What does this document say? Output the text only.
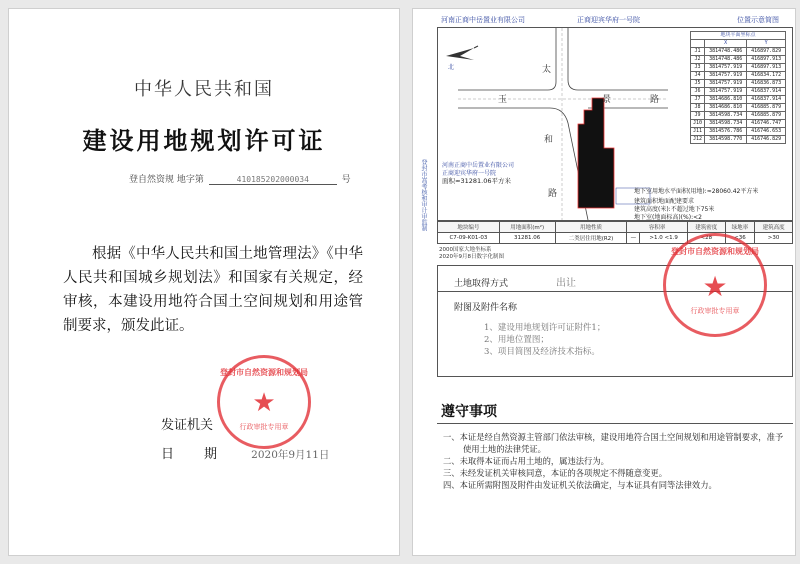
中华人民共和国
建设用地规划许可证
登自然资规 地字第	410185202000034	号
根据《中华人民共和国土地管理法》《中华人民共和国城乡规划法》和国家有关规定，经审核，本建设用地符合国土空间规划和用途管制要求，颁发此证。
登封市自然资源和规划局
★
行政审批专用章
发证机关
日期 2020年9月11日
登封市嵩考核和审计审监制
河南正商中岳置业有限公司	正商迎宾华府一号院	位置示意简图
北	太
玉	景	路
和
路
河南正商中岳置业有限公司
正商迎宾华府一号院
面积≈31281.06平方米
地块平面坐标点		
	X	Y
J1	3814748.486	416897.829
J2	3814748.486	416897.913
J3	3814757.919	416897.913
J4	3814757.919	416834.172
J5	3814757.919	416836.873
J6	3814757.919	416837.914
J7	3814686.810	416837.914
J8	3814686.810	416885.879
J9	3814598.734	416885.879
J10	3814598.734	416746.747
J11	3814576.786	416746.653
J12	3814598.770	416746.829
地下室用地水平面积(用地):≈28060.42平方米
建筑面积地面配建要求
建筑高度(米):不超过地下75米
地下室(地面标高)(%):<2
地块编号	用地面积(m²)	用地性质	容积率		建筑密度	绿地率	建筑高度
C7-09-K01-03	31281.06	二类居住用地(R2)	—	>1.0 <1.9	<28	<36	>30
2000国家大地坐标系
2020年9月8日数字化制图
土地取得方式	出让
附图及附件名称
1、建设用地规划许可证附件1；
2、用地位置图；
3、项目简图及经济技术指标。
登封市自然资源和规划局
★
行政审批专用章
遵守事项
一、本证是经自然资源主管部门依法审核，建设用地符合国土空间规划和用途管制要求，准予使用土地的法律凭证。
二、未取得本证而占用土地的，属违法行为。
三、未经发证机关审核同意，本证的各项规定不得随意变更。
四、本证所需附图及附件由发证机关依法确定，与本证具有同等法律效力。
